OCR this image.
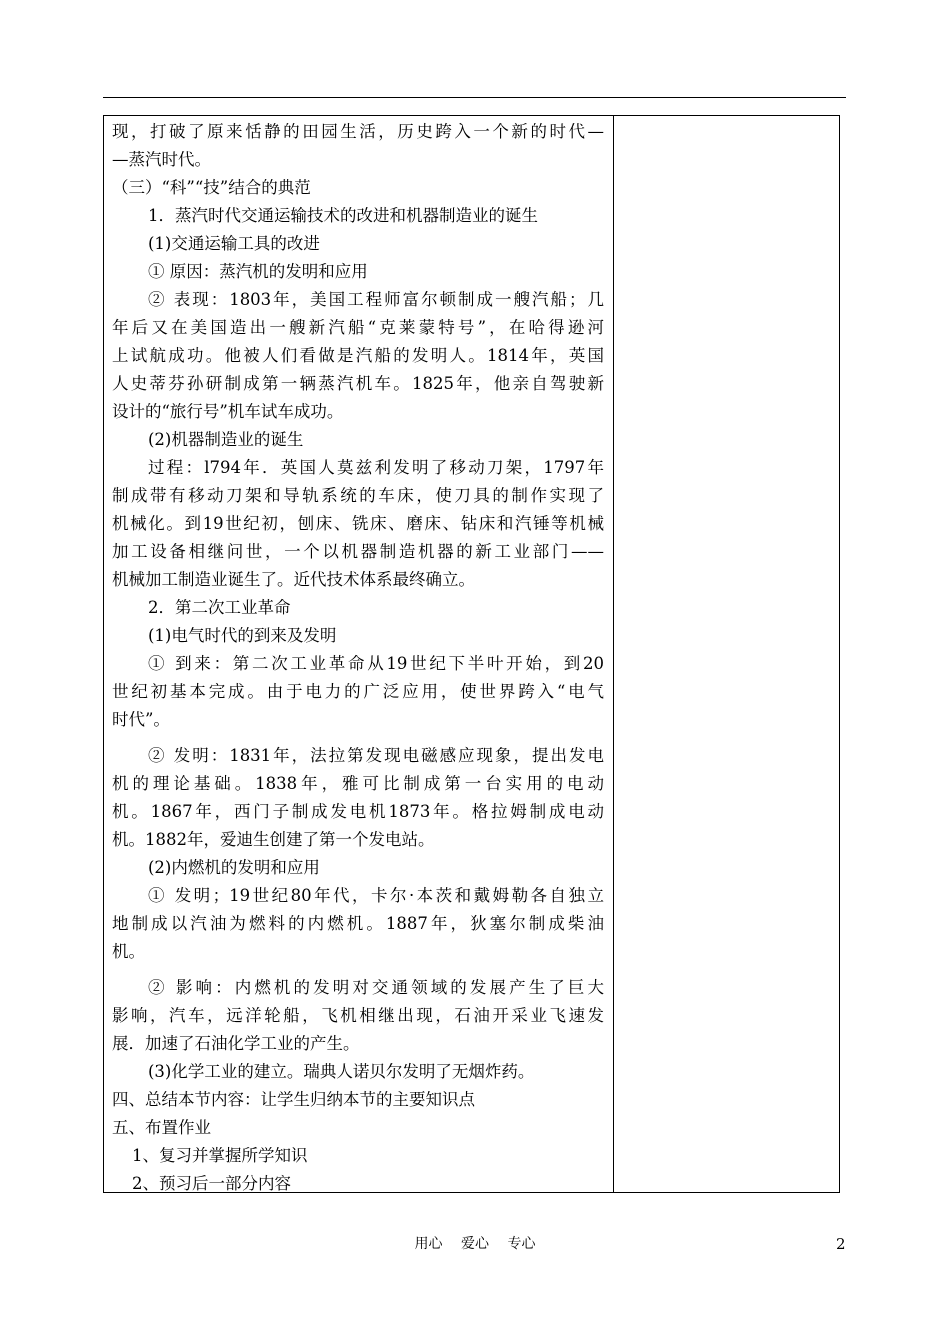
现，打破了原来恬静的田园生活，历史跨入一个新的时代—
—蒸汽时代。
（三）“科”“技”结合的典范
1．蒸汽时代交通运输技术的改进和机器制造业的诞生
(1)交通运输工具的改进
① 原因：蒸汽机的发明和应用
② 表现：1803年，美国工程师富尔顿制成一艘汽船；几
年后又在美国造出一艘新汽船“克莱蒙特号”，在哈得逊河
上试航成功。他被人们看做是汽船的发明人。1814年，英国
人史蒂芬孙研制成第一辆蒸汽机车。1825年，他亲自驾驶新
设计的“旅行号”机车试车成功。
(2)机器制造业的诞生
过程：l794年．英国人莫兹利发明了移动刀架，1797年
制成带有移动刀架和导轨系统的车床，使刀具的制作实现了
机械化。到19世纪初，刨床、铣床、磨床、钻床和汽锤等机械
加工设备相继问世，一个以机器制造机器的新工业部门——
机械加工制造业诞生了。近代技术体系最终确立。
2．第二次工业革命
(1)电气时代的到来及发明
① 到来：第二次工业革命从19世纪下半叶开始，到20
世纪初基本完成。由于电力的广泛应用，使世界跨入“电气
时代”。
② 发明：1831年，法拉第发现电磁感应现象，提出发电
机的理论基础。1838年，雅可比制成第一台实用的电动
机。1867年，西门子制成发电机1873年。格拉姆制成电动
机。1882年，爱迪生创建了第一个发电站。
(2)内燃机的发明和应用
① 发明；19世纪80年代，卡尔·本茨和戴姆勒各自独立
地制成以汽油为燃料的内燃机。1887年，狄塞尔制成柴油
机。
② 影响：内燃机的发明对交通领域的发展产生了巨大
影响，汽车，远洋轮船，飞机相继出现，石油开采业飞速发
展．加速了石油化学工业的产生。
(3)化学工业的建立。瑞典人诺贝尔发明了无烟炸药。
四、总结本节内容：让学生归纳本节的主要知识点
五、布置作业
1、复习并掌握所学知识
2、预习后一部分内容
用心 爱心 专心	2
